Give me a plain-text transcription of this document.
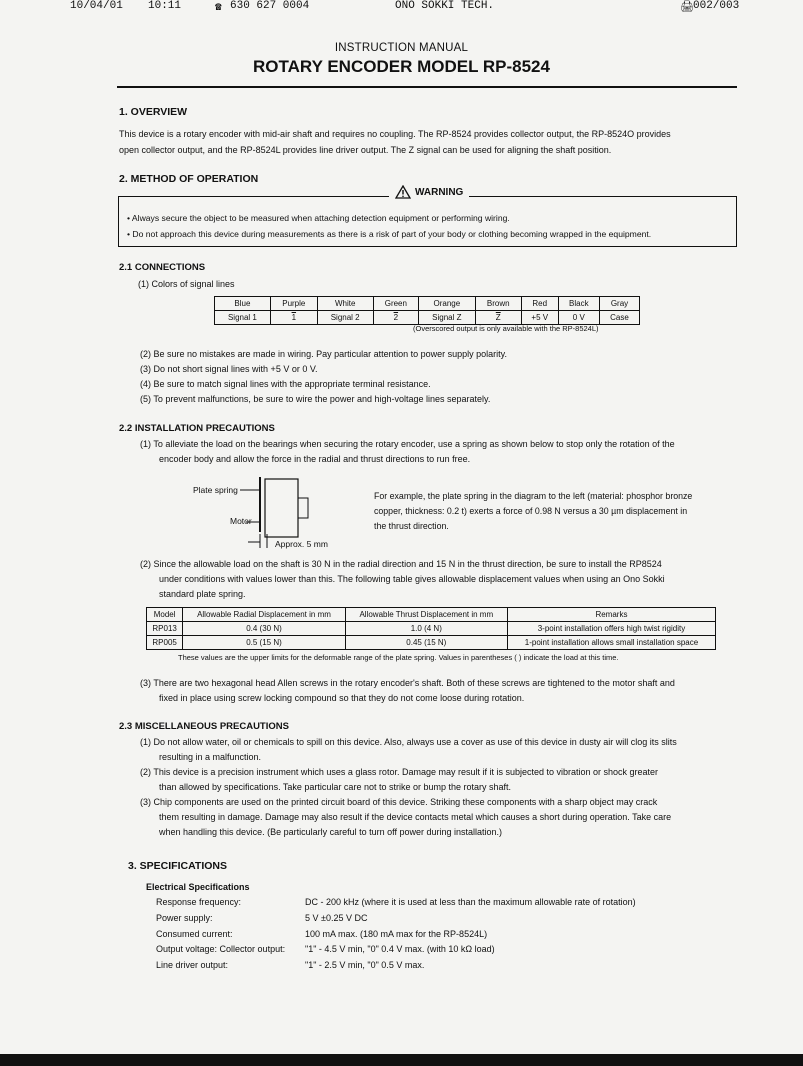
10/04/01 10:11	☎ 630 627 0004	ONO SOKKI TECH.	🖨 002/003
INSTRUCTION MANUAL
ROTARY ENCODER MODEL RP-8524
1. OVERVIEW
This device is a rotary encoder with mid-air shaft and requires no coupling. The RP-8524 provides collector output, the RP-8524O provides
open collector output, and the RP-8524L provides line driver output. The Z signal can be used for aligning the shaft position.
2. METHOD OF OPERATION
WARNING
• Always secure the object to be measured when attaching detection equipment or performing wiring.
• Do not approach this device during measurements as there is a risk of part of your body or clothing becoming wrapped in the equipment.
2.1 CONNECTIONS
(1) Colors of signal lines
Blue	Purple	White	Green	Orange	Brown	Red	Black	Gray
Signal 1	1	Signal 2	2	Signal Z	$\overline{Z}$	+5 V	0 V	Case
(Overscored output is only available with the RP-8524L)
(2) Be sure no mistakes are made in wiring. Pay particular attention to power supply polarity.
(3) Do not short signal lines with +5 V or 0 V.
(4) Be sure to match signal lines with the appropriate terminal resistance.
(5) To prevent malfunctions, be sure to wire the power and high-voltage lines separately.
2.2 INSTALLATION PRECAUTIONS
(1) To alleviate the load on the bearings when securing the rotary encoder, use a spring as shown below to stop only the rotation of the
encoder body and allow the force in the radial and thrust directions to run free.
Plate spring
Motor
Approx. 5 mm
For example, the plate spring in the diagram to the left (material: phosphor bronze
copper, thickness: 0.2 t) exerts a force of 0.98 N versus a 30 µm displacement in
the thrust direction.
(2) Since the allowable load on the shaft is 30 N in the radial direction and 15 N in the thrust direction, be sure to install the RP8524
under conditions with values lower than this. The following table gives allowable displacement values when using an Ono Sokki
standard plate spring.
Model	Allowable Radial Displacement in mm	Allowable Thrust Displacement in mm	Remarks
RP013	0.4 (30 N)	1.0 (4 N)	3-point installation offers high twist rigidity
RP005	0.5 (15 N)	0.45 (15 N)	1-point installation allows small installation space
These values are the upper limits for the deformable range of the plate spring. Values in parentheses ( ) indicate the load at this time.
(3) There are two hexagonal head Allen screws in the rotary encoder's shaft. Both of these screws are tightened to the motor shaft and
fixed in place using screw locking compound so that they do not come loose during rotation.
2.3 MISCELLANEOUS PRECAUTIONS
(1) Do not allow water, oil or chemicals to spill on this device. Also, always use a cover as use of this device in dusty air will clog its slits
resulting in a malfunction.
(2) This device is a precision instrument which uses a glass rotor. Damage may result if it is subjected to vibration or shock greater
than allowed by specifications. Take particular care not to strike or bump the rotary shaft.
(3) Chip components are used on the printed circuit board of this device. Striking these components with a sharp object may crack
them resulting in damage. Damage may also result if the device contacts metal which causes a short during operation. Take care
when handling this device. (Be particularly careful to turn off power during installation.)
3. SPECIFICATIONS
Electrical Specifications
Response frequency:	DC - 200 kHz (where it is used at less than the maximum allowable rate of rotation)
Power supply:	5 V ±0.25 V DC
Consumed current:	100 mA max. (180 mA max for the RP-8524L)
Output voltage: Collector output: "1" - 4.5 V min, "0" 0.4 V max. (with 10 kΩ load)
Line driver output:	"1" - 2.5 V min, "0" 0.5 V max.
